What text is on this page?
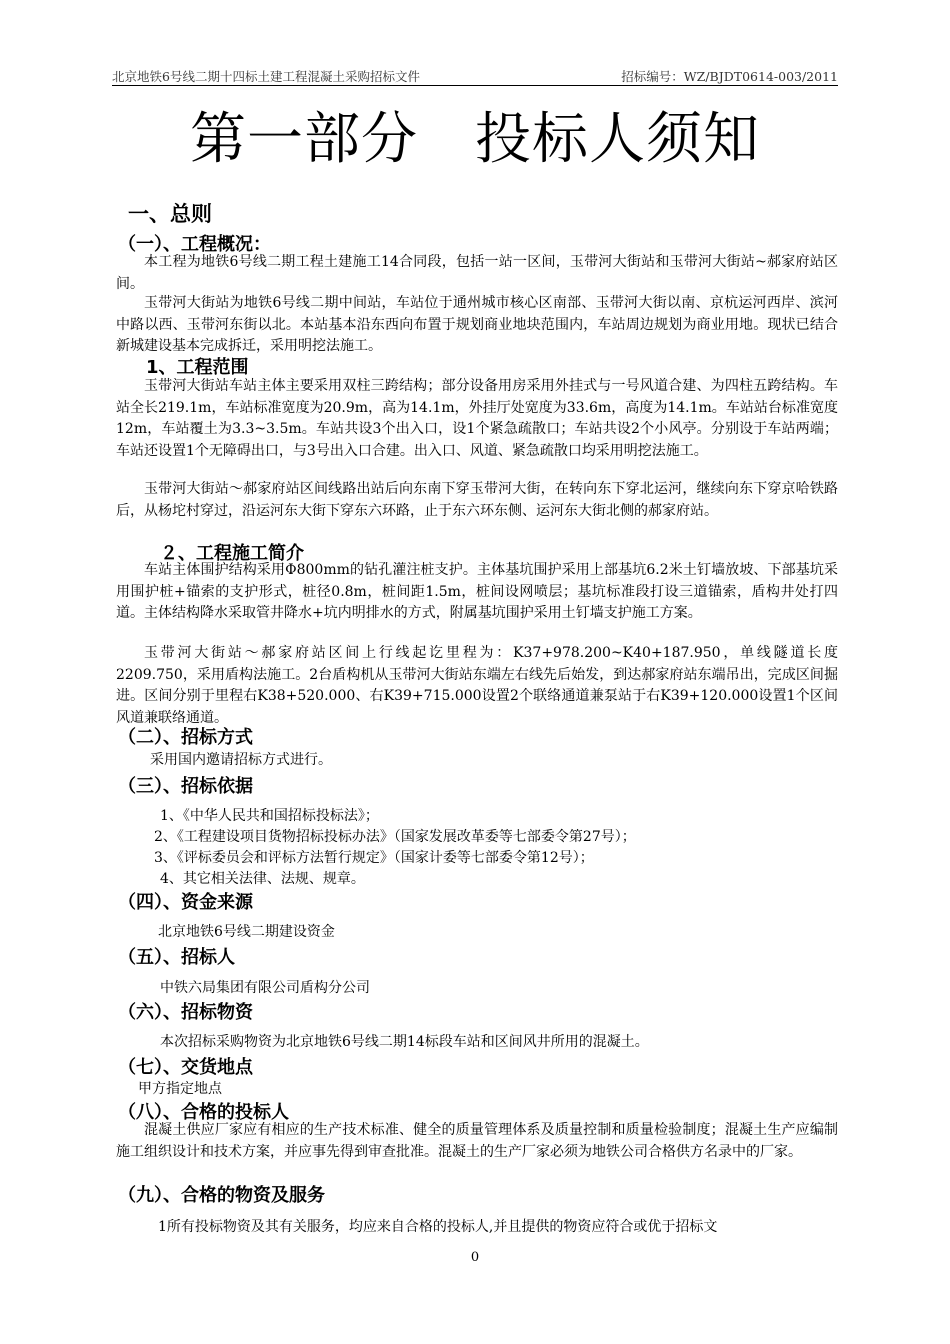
北京地铁6号线二期十四标土建工程混凝土采购招标文件	招标编号：WZ/BJDT0614-003/2011
第一部分　投标人须知
一、总则
（一）、工程概况：
本工程为地铁6号线二期工程土建施工14合同段，包括一站一区间，玉带河大街站和玉带河大街站~郝家府站区间。
玉带河大街站为地铁6号线二期中间站，车站位于通州城市核心区南部、玉带河大街以南、京杭运河西岸、滨河中路以西、玉带河东街以北。本站基本沿东西向布置于规划商业地块范围内，车站周边规划为商业用地。现状已结合新城建设基本完成拆迁，采用明挖法施工。
1、工程范围
玉带河大街站车站主体主要采用双柱三跨结构；部分设备用房采用外挂式与一号风道合建、为四柱五跨结构。车站全长219.1m，车站标准宽度为20.9m，高为14.1m，外挂厅处宽度为33.6m，高度为14.1m。车站站台标准宽度12m，车站覆土为3.3~3.5m。车站共设3个出入口，设1个紧急疏散口；车站共设2个小风亭。分别设于车站两端；车站还设置1个无障碍出口，与3号出入口合建。出入口、风道、紧急疏散口均采用明挖法施工。
玉带河大街站～郝家府站区间线路出站后向东南下穿玉带河大街，在转向东下穿北运河，继续向东下穿京哈铁路后，从杨坨村穿过，沿运河东大街下穿东六环路，止于东六环东侧、运河东大街北侧的郝家府站。
２、工程施工简介
车站主体围护结构采用Φ800mm的钻孔灌注桩支护。主体基坑围护采用上部基坑6.2米土钉墙放坡、下部基坑采用围护桩+锚索的支护形式，桩径0.8m，桩间距1.5m，桩间设网喷层；基坑标准段打设三道锚索，盾构井处打四道。主体结构降水采取管井降水+坑内明排水的方式，附属基坑围护采用土钉墙支护施工方案。
玉带河大街站～郝家府站区间上行线起讫里程为：K37+978.200~K40+187.950，单线隧道长度2209.750，采用盾构法施工。2台盾构机从玉带河大街站东端左右线先后始发，到达郝家府站东端吊出，完成区间掘进。区间分别于里程右K38+520.000、右K39+715.000设置2个联络通道兼泵站于右K39+120.000设置1个区间风道兼联络通道。
（二）、招标方式
采用国内邀请招标方式进行。
（三）、招标依据
1、《中华人民共和国招标投标法》；
2、《工程建设项目货物招标投标办法》（国家发展改革委等七部委令第27号）；
3、《评标委员会和评标方法暂行规定》（国家计委等七部委令第12号）；
4、其它相关法律、法规、规章。
（四）、资金来源
北京地铁6号线二期建设资金
（五）、招标人
中铁六局集团有限公司盾构分公司
（六）、招标物资
本次招标采购物资为北京地铁6号线二期14标段车站和区间风井所用的混凝土。
（七）、交货地点
甲方指定地点
（八）、合格的投标人
混凝土供应厂家应有相应的生产技术标准、健全的质量管理体系及质量控制和质量检验制度；混凝土生产应编制施工组织设计和技术方案，并应事先得到审查批准。混凝土的生产厂家必须为地铁公司合格供方名录中的厂家。
（九）、合格的物资及服务
1所有投标物资及其有关服务，均应来自合格的投标人,并且提供的物资应符合或优于招标文
0
